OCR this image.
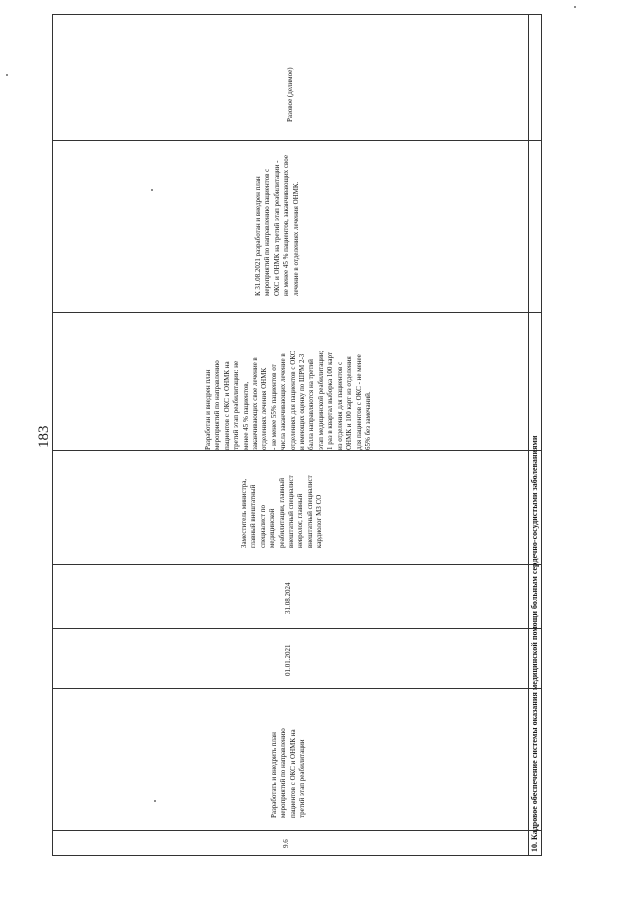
183
9.6
Разработать и внедрить план
мероприятий по направлению
пациентов с ОКС и ОНМК на
третий этап реабилитации
01.01.2021
31.08.2024
Заместитель министра,
главный внештатный
специалист по
медицинской
реабилитации, главный
внештатный специалист
невролог, главный
внештатный специалист
кардиолог МЗ СО
Разработан и внедрен план
мероприятий по направлению
пациентов с ОКС и ОНМК на
третий этап реабилитации: не
менее 45 % пациентов,
заканчивающих свое лечение в
отделениях лечения ОНМК
- не менее 55% пациентов от
числа заканчивающих лечение в
отделениях для пациентов с ОКС
и имеющих оценку по ШРМ 2-3
балла направляются на третий
этап медицинской реабилитации;
1 раз в квартал выборка 100 карт
из отделения для пациентов с
ОНМК и 100 карт из отделения
для пациентов с ОКС - не менее
65% без замечаний.
К 31.08.2021 разработан и внедрен план
мероприятий по направлению пациентов с
ОКС и ОНМК на третий этап реабилитации -
не менее 45 % пациентов, заканчивающих свое
лечение в отделениях лечения ОНМК.
Разовое (делимое)
10. Кадровое обеспечение системы оказания медицинской помощи больным сердечно-сосудистыми заболеваниями
